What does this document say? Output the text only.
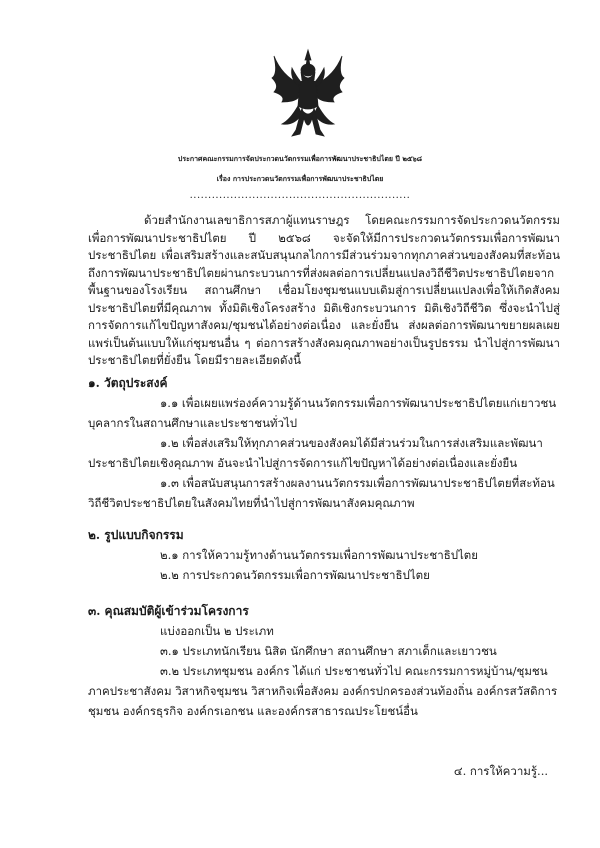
ประกาศคณะกรรมการจัดประกวดนวัตกรรมเพื่อการพัฒนาประชาธิปไตย ปี ๒๕๖๘
เรื่อง การประกวดนวัตกรรมเพื่อการพัฒนาประชาธิปไตย
............................................................
ด้วยสำนักงานเลขาธิการสภาผู้แทนราษฎร โดยคณะกรรมการจัดประกวดนวัตกรรมเพื่อการพัฒนาประชาธิปไตย ปี ๒๕๖๘ จะจัดให้มีการประกวดนวัตกรรมเพื่อการพัฒนาประชาธิปไตย เพื่อเสริมสร้างและสนับสนุนกลไกการมีส่วนร่วมจากทุกภาคส่วนของสังคมที่สะท้อนถึงการพัฒนาประชาธิปไตยผ่านกระบวนการที่ส่งผลต่อการเปลี่ยนแปลงวิถีชีวิตประชาธิปไตยจากพื้นฐานของโรงเรียน สถานศึกษา เชื่อมโยงชุมชนแบบเดิมสู่การเปลี่ยนแปลงเพื่อให้เกิดสังคมประชาธิปไตยที่มีคุณภาพ ทั้งมิติเชิงโครงสร้าง มิติเชิงกระบวนการ มิติเชิงวิถีชีวิต ซึ่งจะนำไปสู่การจัดการแก้ไขปัญหาสังคม/ชุมชนได้อย่างต่อเนื่อง และยั่งยืน ส่งผลต่อการพัฒนาขยายผลเผยแพร่เป็นต้นแบบให้แก่ชุมชนอื่น ๆ ต่อการสร้างสังคมคุณภาพอย่างเป็นรูปธรรม นำไปสู่การพัฒนาประชาธิปไตยที่ยั่งยืน โดยมีรายละเอียดดังนี้
๑. วัตถุประสงค์
๑.๑ เพื่อเผยแพร่องค์ความรู้ด้านนวัตกรรมเพื่อการพัฒนาประชาธิปไตยแก่เยาวชน
บุคลากรในสถานศึกษาและประชาชนทั่วไป
๑.๒ เพื่อส่งเสริมให้ทุกภาคส่วนของสังคมได้มีส่วนร่วมในการส่งเสริมและพัฒนา
ประชาธิปไตยเชิงคุณภาพ อันจะนำไปสู่การจัดการแก้ไขปัญหาได้อย่างต่อเนื่องและยั่งยืน
๑.๓ เพื่อสนับสนุนการสร้างผลงานนวัตกรรมเพื่อการพัฒนาประชาธิปไตยที่สะท้อน
วิถีชีวิตประชาธิปไตยในสังคมไทยที่นำไปสู่การพัฒนาสังคมคุณภาพ
๒. รูปแบบกิจกรรม
๒.๑ การให้ความรู้ทางด้านนวัตกรรมเพื่อการพัฒนาประชาธิปไตย
๒.๒ การประกวดนวัตกรรมเพื่อการพัฒนาประชาธิปไตย
๓. คุณสมบัติผู้เข้าร่วมโครงการ
แบ่งออกเป็น ๒ ประเภท
๓.๑ ประเภทนักเรียน นิสิต นักศึกษา สถานศึกษา สภาเด็กและเยาวชน
๓.๒ ประเภทชุมชน องค์กร ได้แก่ ประชาชนทั่วไป คณะกรรมการหมู่บ้าน/ชุมชน
ภาคประชาสังคม วิสาหกิจชุมชน วิสาหกิจเพื่อสังคม องค์กรปกครองส่วนท้องถิ่น องค์กรสวัสดิการ
ชุมชน องค์กรธุรกิจ องค์กรเอกชน และองค์กรสาธารณประโยชน์อื่น
๔. การให้ความรู้...
